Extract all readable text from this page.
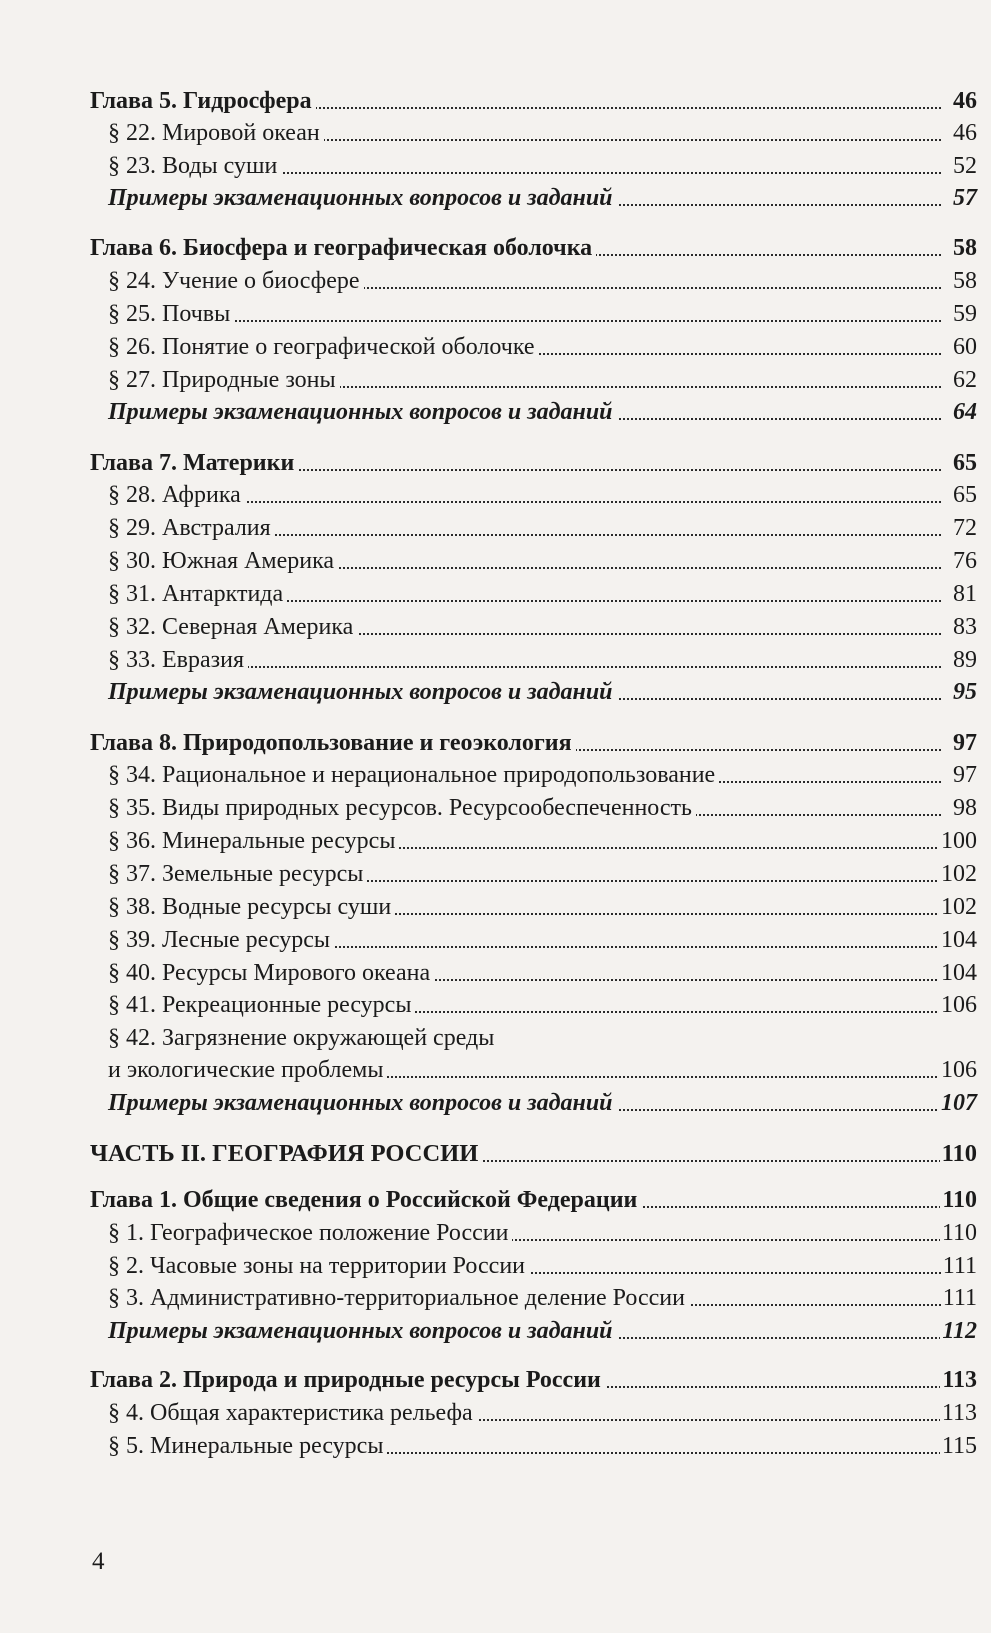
Глава 5. Гидросфера	46
§ 22. Мировой океан	46
§ 23. Воды суши	52
Примеры экзаменационных вопросов и заданий	57
Глава 6. Биосфера и географическая оболочка	58
§ 24. Учение о биосфере	58
§ 25. Почвы	59
§ 26. Понятие о географической оболочке	60
§ 27. Природные зоны	62
Примеры экзаменационных вопросов и заданий	64
Глава 7. Материки	65
§ 28. Африка	65
§ 29. Австралия	72
§ 30. Южная Америка	76
§ 31. Антарктида	81
§ 32. Северная Америка	83
§ 33. Евразия	89
Примеры экзаменационных вопросов и заданий	95
Глава 8. Природопользование и геоэкология	97
§ 34. Рациональное и нерациональное природопользование	97
§ 35. Виды природных ресурсов. Ресурсообеспеченность	98
§ 36. Минеральные ресурсы	100
§ 37. Земельные ресурсы	102
§ 38. Водные ресурсы суши	102
§ 39. Лесные ресурсы	104
§ 40. Ресурсы Мирового океана	104
§ 41. Рекреационные ресурсы	106
§ 42. Загрязнение окружающей среды
и экологические проблемы	106
Примеры экзаменационных вопросов и заданий	107
ЧАСТЬ II. ГЕОГРАФИЯ РОССИИ	110
Глава 1. Общие сведения о Российской Федерации	110
§ 1. Географическое положение России	110
§ 2. Часовые зоны на территории России	111
§ 3. Административно-территориальное деление России	111
Примеры экзаменационных вопросов и заданий	112
Глава 2. Природа и природные ресурсы России	113
§ 4. Общая характеристика рельефа	113
§ 5. Минеральные ресурсы	115
4
